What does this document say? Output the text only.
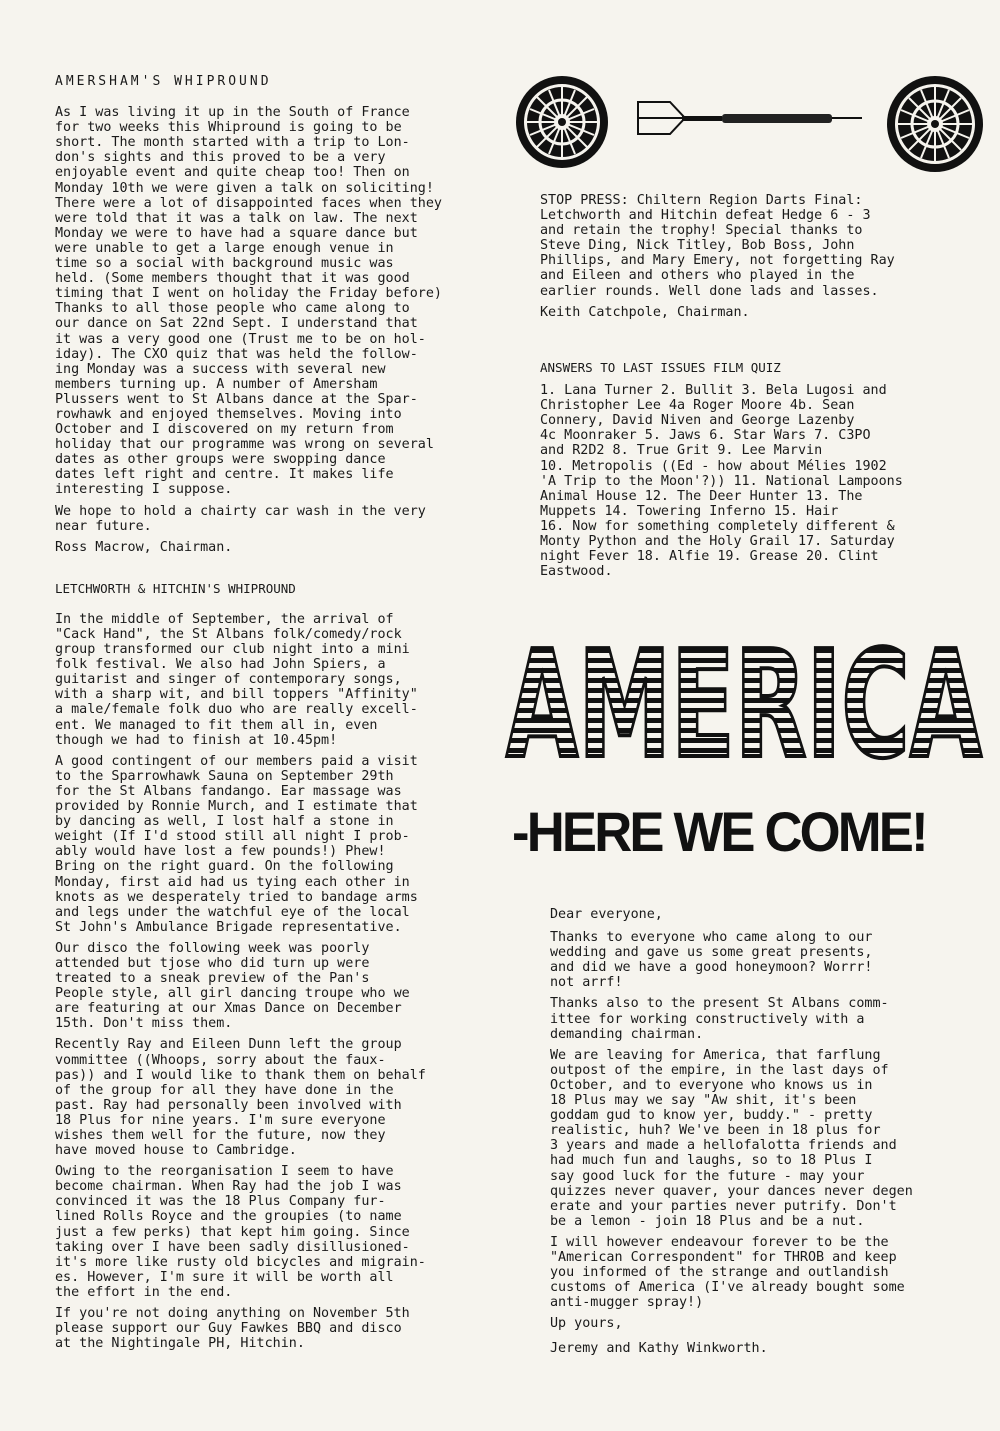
AMERSHAM'S WHIPROUND

As I was living it up in the South of France
for two weeks this Whipround is going to be
short. The month started with a trip to Lon-
don's sights and this proved to be a very
enjoyable event and quite cheap too! Then on
Monday 10th we were given a talk on soliciting!
There were a lot of disappointed faces when they
were told that it was a talk on law. The next
Monday we were to have had a square dance but
were unable to get a large enough venue in
time so a social with background music was
held. (Some members thought that it was good
timing that I went on holiday the Friday before)
Thanks to all those people who came along to
our dance on Sat 22nd Sept. I understand that
it was a very good one (Trust me to be on hol-
iday). The CXO quiz that was held the follow-
ing Monday was a success with several new
members turning up. A number of Amersham
Plussers went to St Albans dance at the Spar-
rowhawk and enjoyed themselves. Moving into
October and I discovered on my return from
holiday that our programme was wrong on several
dates as other groups were swopping dance
dates left right and centre. It makes life
interesting I suppose.

We hope to hold a chairty car wash in the very
near future.

Ross Macrow, Chairman.

LETCHWORTH & HITCHIN'S WHIPROUND

In the middle of September, the arrival of
"Cack Hand", the St Albans folk/comedy/rock
group transformed our club night into a mini
folk festival. We also had John Spiers, a
guitarist and singer of contemporary songs,
with a sharp wit, and bill toppers "Affinity"
a male/female folk duo who are really excell-
ent. We managed to fit them all in, even
though we had to finish at 10.45pm!

A good contingent of our members paid a visit
to the Sparrowhawk Sauna on September 29th
for the St Albans fandango. Ear massage was
provided by Ronnie Murch, and I estimate that
by dancing as well, I lost half a stone in
weight (If I'd stood still all night I prob-
ably would have lost a few pounds!) Phew!
Bring on the right guard. On the following
Monday, first aid had us tying each other in
knots as we desperately tried to bandage arms
and legs under the watchful eye of the local
St John's Ambulance Brigade representative.

Our disco the following week was poorly
attended but tjose who did turn up were
treated to a sneak preview of the Pan's
People style, all girl dancing troupe who we
are featuring at our Xmas Dance on December
15th. Don't miss them.

Recently Ray and Eileen Dunn left the group
vommittee ((Whoops, sorry about the faux-
pas)) and I would like to thank them on behalf
of the group for all they have done in the
past. Ray had personally been involved with
18 Plus for nine years. I'm sure everyone
wishes them well for the future, now they
have moved house to Cambridge.

Owing to the reorganisation I seem to have
become chairman. When Ray had the job I was
convinced it was the 18 Plus Company fur-
lined Rolls Royce and the groupies (to name
just a few perks) that kept him going. Since
taking over I have been sadly disillusioned-
it's more like rusty old bicycles and migrain-
es. However, I'm sure it will be worth all
the effort in the end.

If you're not doing anything on November 5th
please support our Guy Fawkes BBQ and disco
at the Nightingale PH, Hitchin.

STOP PRESS: Chiltern Region Darts Final:
Letchworth and Hitchin defeat Hedge 6 - 3
and retain the trophy! Special thanks to
Steve Ding, Nick Titley, Bob Boss, John
Phillips, and Mary Emery, not forgetting Ray
and Eileen and others who played in the
earlier rounds. Well done lads and lasses.

Keith Catchpole, Chairman.

ANSWERS TO LAST ISSUES FILM QUIZ

1. Lana Turner 2. Bullit 3. Bela Lugosi and
Christopher Lee 4a Roger Moore 4b. Sean
Connery, David Niven and George Lazenby
4c Moonraker 5. Jaws 6. Star Wars 7. C3PO
and R2D2 8. True Grit 9. Lee Marvin
10. Metropolis ((Ed - how about Mélies 1902
'A Trip to the Moon'?)) 11. National Lampoons
Animal House 12. The Deer Hunter 13. The
Muppets 14. Towering Inferno 15. Hair
16. Now for something completely different &
Monty Python and the Holy Grail 17. Saturday
night Fever 18. Alfie 19. Grease 20. Clint
Eastwood.

AMERICA
-HERE WE COME!

Dear everyone,

Thanks to everyone who came along to our
wedding and gave us some great presents,
and did we have a good honeymoon? Worrr!
not arrf!

Thanks also to the present St Albans comm-
ittee for working constructively with a
demanding chairman.

We are leaving for America, that farflung
outpost of the empire, in the last days of
October, and to everyone who knows us in
18 Plus may we say "Aw shit, it's been
goddam gud to know yer, buddy." - pretty
realistic, huh? We've been in 18 plus for
3 years and made a hellofalotta friends and
had much fun and laughs, so to 18 Plus I
say good luck for the future - may your
quizzes never quaver, your dances never degen
erate and your parties never putrify. Don't
be a lemon - join 18 Plus and be a nut.

I will however endeavour forever to be the
"American Correspondent" for THROB and keep
you informed of the strange and outlandish
customs of America (I've already bought some
anti-mugger spray!)

Up yours,

Jeremy and Kathy Winkworth.
